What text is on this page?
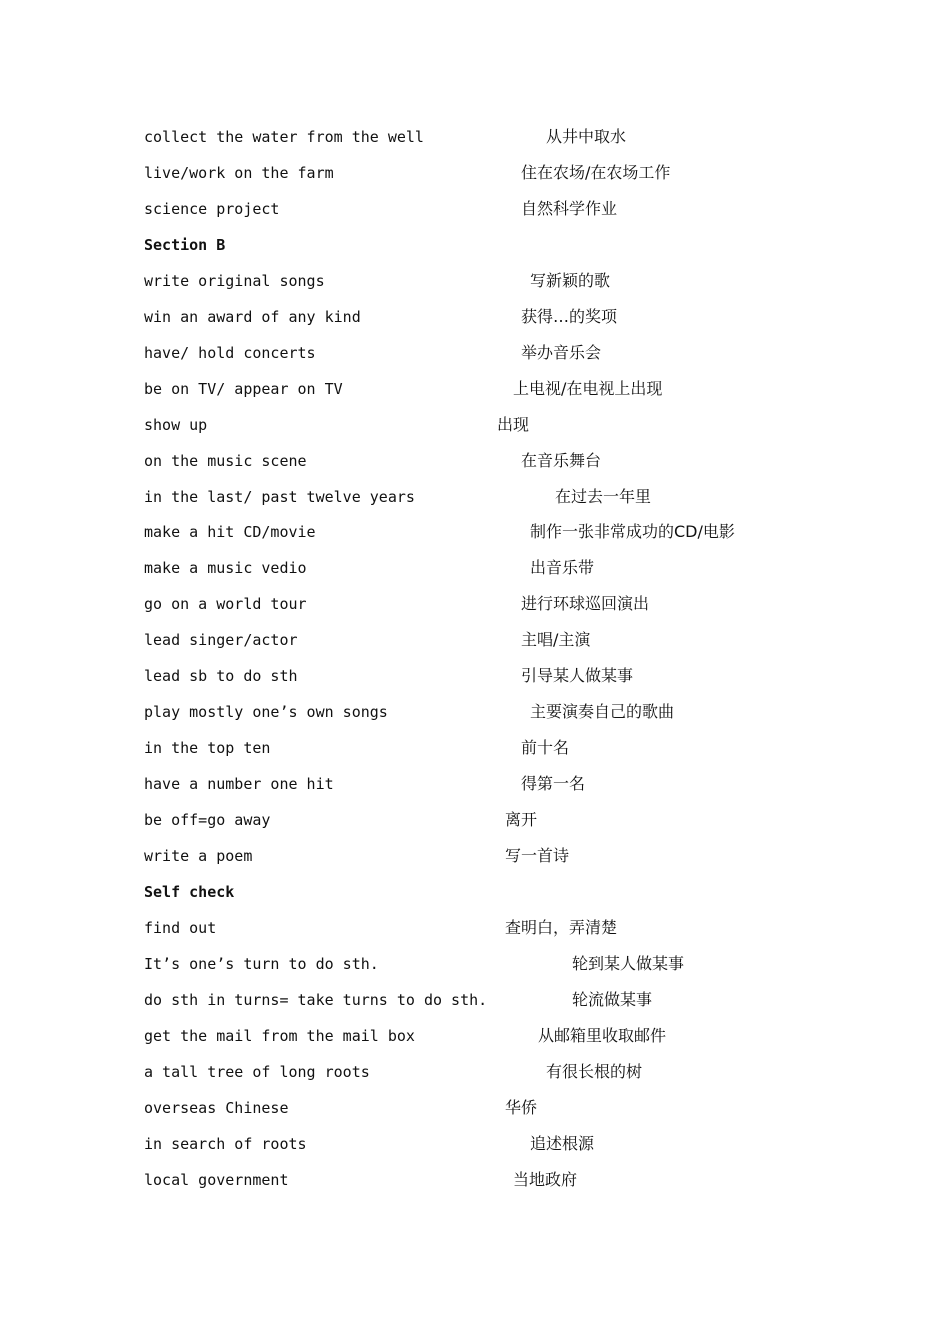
collect the water from the well	从井中取水
live/work on the farm	住在农场/在农场工作
science project	自然科学作业
Section B
write original songs	写新颖的歌
win an award of any kind	获得…的奖项
have/ hold concerts	举办音乐会
be on TV/ appear on TV	上电视/在电视上出现
show up	出现
on the music scene	在音乐舞台
in the last/ past twelve years	在过去一年里
make a hit CD/movie	制作一张非常成功的CD/电影
make a music vedio	出音乐带
go on a world tour	进行环球巡回演出
lead singer/actor	主唱/主演
lead sb to do sth	引导某人做某事
play mostly one’s own songs	主要演奏自己的歌曲
in the top ten	前十名
have a number one hit	得第一名
be off=go away	离开
write a poem	写一首诗
Self check
find out	查明白，弄清楚
It’s one’s turn to do sth.	轮到某人做某事
do sth in turns= take turns to do sth.	轮流做某事
get the mail from the mail box	从邮箱里收取邮件
a tall tree of long roots	有很长根的树
overseas Chinese	华侨
in search of roots	追述根源
local government	当地政府
